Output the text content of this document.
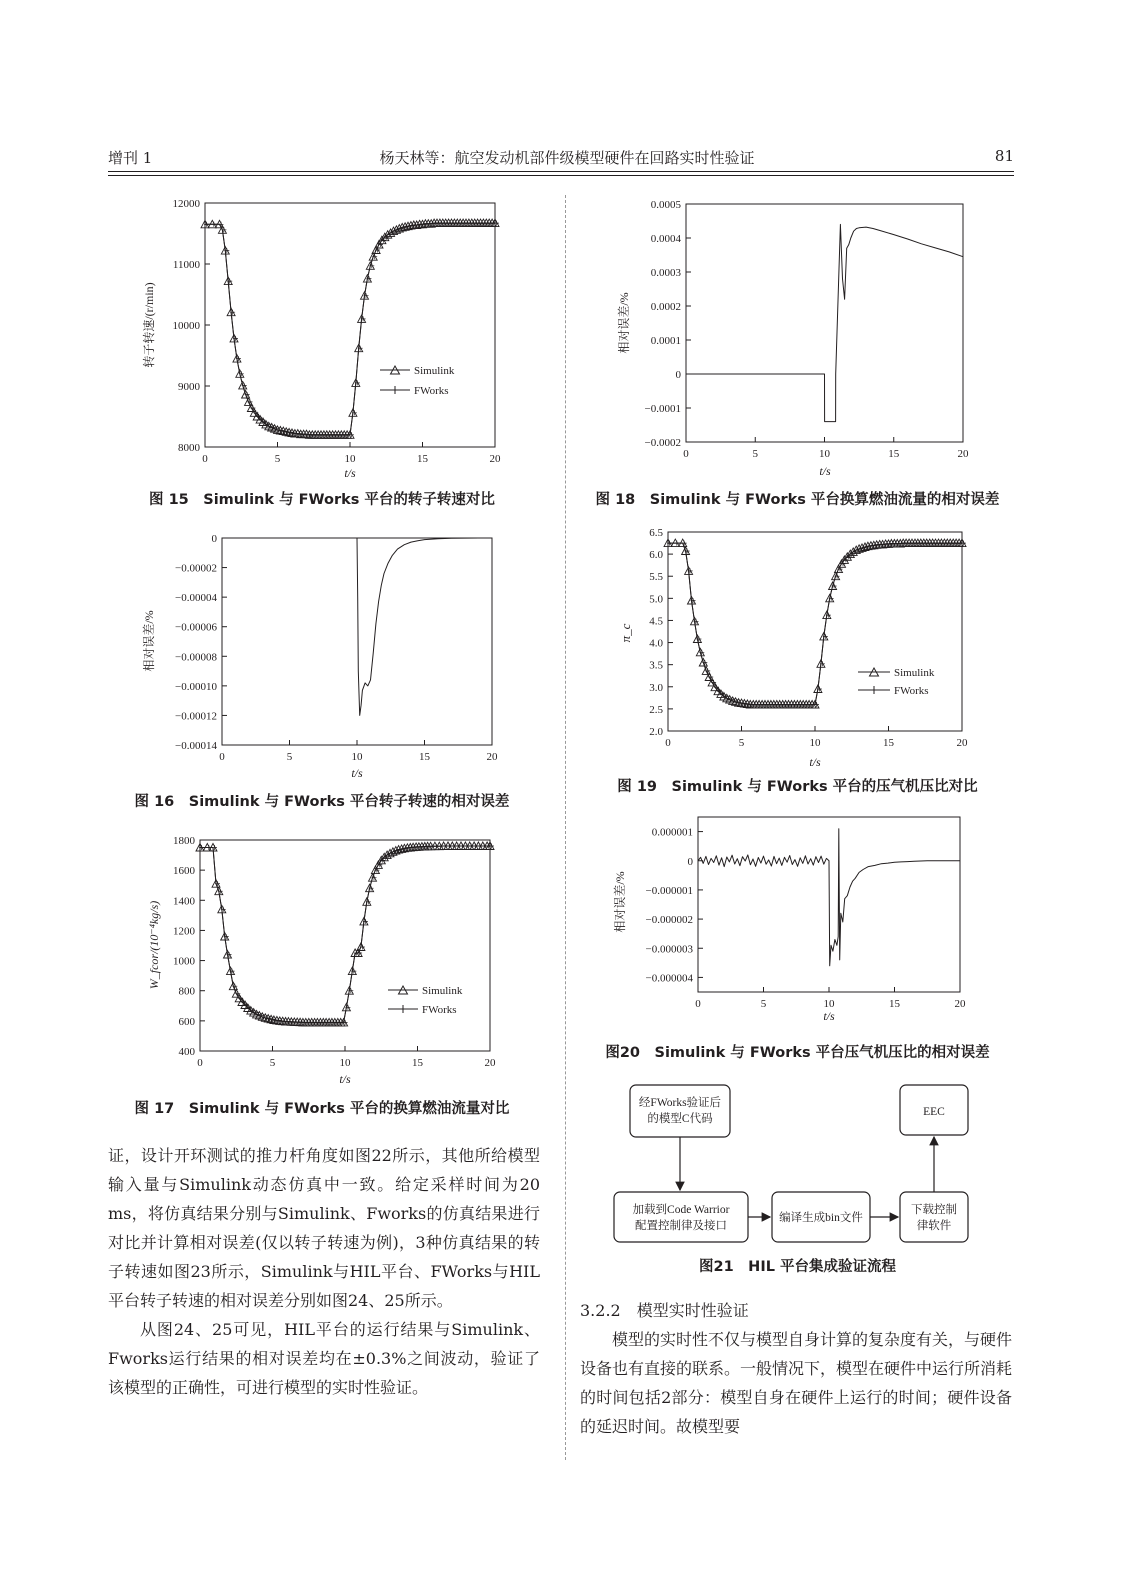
增刊 1	杨天林等：航空发动机部件级模型硬件在回路实时性验证	81
0	5	10	15	20
8000
9000
10000
11000
12000
转子转速/(r/min)
t/s
Simulink
FWorks
图 15　Simulink 与 FWorks 平台的转子转速对比
0	5	10	15	20
−0.00014
−0.00012
−0.00010
−0.00008
−0.00006
−0.00004
−0.00002
0
相对误差/%
t/s
图 16　Simulink 与 FWorks 平台转子转速的相对误差
0	5	10	15	20
400
600
800
1000
1200
1400
1600
1800
W_fcor/(10⁻⁴kg/s)
t/s
Simulink
FWorks
图 17　Simulink 与 FWorks 平台的换算燃油流量对比
0	5	10	15	20
−0.0002
−0.0001
0
0.0001
0.0002
0.0003
0.0004
0.0005
相对误差/%
t/s
图 18　Simulink 与 FWorks 平台换算燃油流量的相对误差
0	5	10	15	20
2.0
2.5
3.0
3.5
4.0
4.5
5.0
5.5
6.0
6.5
π_c
t/s
Simulink
FWorks
图 19　Simulink 与 FWorks 平台的压气机压比对比
0	5	10	15	20
−0.000004
−0.000003
−0.000002
−0.000001
0
0.000001
相对误差/%
t/s
图20　Simulink 与 FWorks 平台压气机压比的相对误差
经FWorks验证后
的模型C代码
EEC
加载到Code Warrior
配置控制律及接口
编译生成bin文件
下载控制
律软件
图21　HIL 平台集成验证流程

证，设计开环测试的推力杆角度如图22所示，其他所给模型输入量与Simulink动态仿真中一致。给定采样时间为20 ms，将仿真结果分别与Simulink、Fworks的仿真结果进行对比并计算相对误差(仅以转子转速为例)，3种仿真结果的转子转速如图23所示，Simulink与HIL平台、FWorks与HIL平台转子转速的相对误差分别如图24、25所示。

从图24、25可见，HIL平台的运行结果与Simulink、Fworks运行结果的相对误差均在±0.3%之间波动，验证了该模型的正确性，可进行模型的实时性验证。

3.2.2　模型实时性验证

模型的实时性不仅与模型自身计算的复杂度有关，与硬件设备也有直接的联系。一般情况下，模型在硬件中运行所消耗的时间包括2部分：模型自身在硬件上运行的时间；硬件设备的延迟时间。故模型要
